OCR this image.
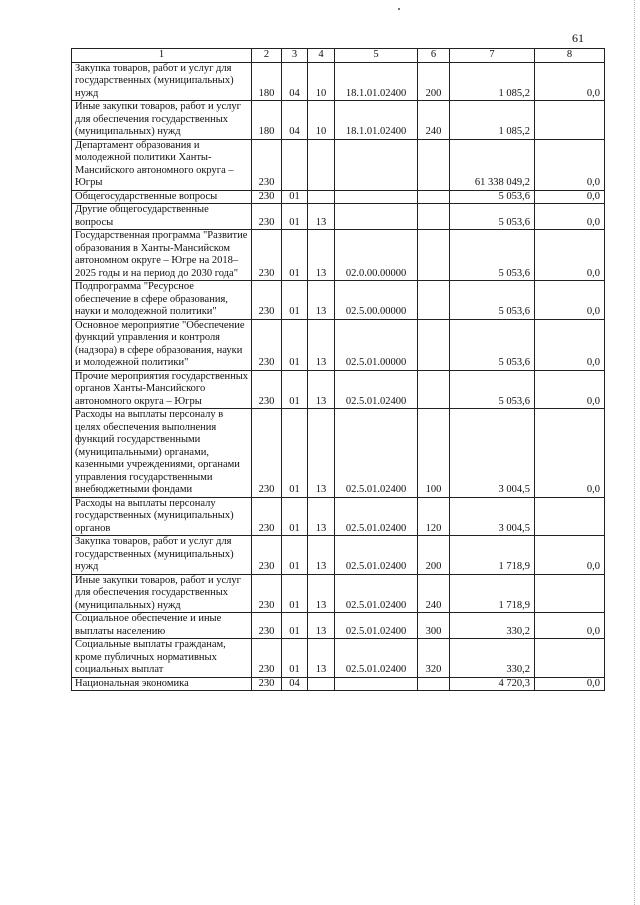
61
1	2	3	4	5	6	7	8
Закупка товаров, работ и услуг для государственных (муниципальных) нужд	180	04	10	18.1.01.02400	200	1 085,2	0,0
Иные закупки товаров, работ и услуг для обеспечения государственных (муниципальных) нужд	180	04	10	18.1.01.02400	240	1 085,2	
Департамент образования и молодежной политики Ханты-Мансийского автономного округа – Югры	230					61 338 049,2	0,0
Общегосударственные вопросы	230	01				5 053,6	0,0
Другие общегосударственные вопросы	230	01	13			5 053,6	0,0
Государственная программа "Развитие образования в Ханты-Мансийском автономном округе – Югре на 2018–2025 годы и на период до 2030 года"	230	01	13	02.0.00.00000		5 053,6	0,0
Подпрограмма "Ресурсное обеспечение в сфере образования, науки и молодежной политики"	230	01	13	02.5.00.00000		5 053,6	0,0
Основное мероприятие "Обеспечение функций управления и контроля (надзора) в сфере образования, науки и молодежной политики"	230	01	13	02.5.01.00000		5 053,6	0,0
Прочие мероприятия государственных органов Ханты-Мансийского автономного округа – Югры	230	01	13	02.5.01.02400		5 053,6	0,0
Расходы на выплаты персоналу в целях обеспечения выполнения функций государственными (муниципальными) органами, казенными учреждениями, органами управления государственными внебюджетными фондами	230	01	13	02.5.01.02400	100	3 004,5	0,0
Расходы на выплаты персоналу государственных (муниципальных) органов	230	01	13	02.5.01.02400	120	3 004,5	
Закупка товаров, работ и услуг для государственных (муниципальных) нужд	230	01	13	02.5.01.02400	200	1 718,9	0,0
Иные закупки товаров, работ и услуг для обеспечения государственных (муниципальных) нужд	230	01	13	02.5.01.02400	240	1 718,9	
Социальное обеспечение и иные выплаты населению	230	01	13	02.5.01.02400	300	330,2	0,0
Социальные выплаты гражданам, кроме публичных нормативных социальных выплат	230	01	13	02.5.01.02400	320	330,2	
Национальная экономика	230	04				4 720,3	0,0
